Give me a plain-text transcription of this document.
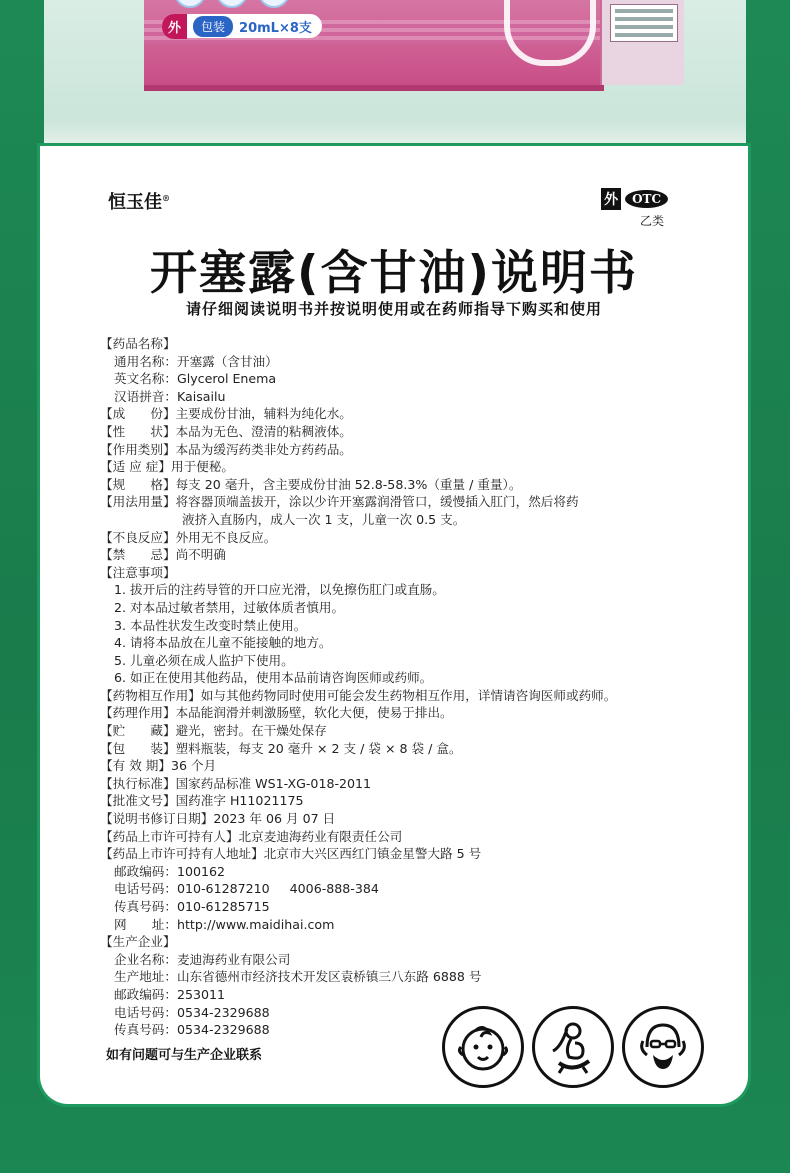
外	包装	20mL×8支
恒玉佳®	外	OTC
乙类
开塞露(含甘油)说明书
请仔细阅读说明书并按说明使用或在药师指导下购买和使用
【药品名称】
通用名称：开塞露（含甘油）
英文名称：Glycerol Enema
汉语拼音：Kaisailu
【成　　份】主要成份甘油，辅料为纯化水。
【性　　状】本品为无色、澄清的粘稠液体。
【作用类别】本品为缓泻药类非处方药药品。
【适 应 症】用于便秘。
【规　　格】每支 20 毫升，含主要成份甘油 52.8-58.3%（重量 / 重量）。
【用法用量】将容器顶端盖拔开，涂以少许开塞露润滑管口，缓慢插入肛门，然后将药
液挤入直肠内，成人一次 1 支，儿童一次 0.5 支。
【不良反应】外用无不良反应。
【禁　　忌】尚不明确
【注意事项】
1. 拔开后的注药导管的开口应光滑，以免擦伤肛门或直肠。
2. 对本品过敏者禁用，过敏体质者慎用。
3. 本品性状发生改变时禁止使用。
4. 请将本品放在儿童不能接触的地方。
5. 儿童必须在成人监护下使用。
6. 如正在使用其他药品，使用本品前请咨询医师或药师。
【药物相互作用】如与其他药物同时使用可能会发生药物相互作用，详情请咨询医师或药师。
【药理作用】本品能润滑并刺激肠壁，软化大便，使易于排出。
【贮　　藏】避光，密封。在干燥处保存
【包　　装】塑料瓶装，每支 20 毫升 × 2 支 / 袋 × 8 袋 / 盒。
【有 效 期】36 个月
【执行标准】国家药品标准 WS1-XG-018-2011
【批准文号】国药准字 H11021175
【说明书修订日期】2023 年 06 月 07 日
【药品上市许可持有人】北京麦迪海药业有限责任公司
【药品上市许可持有人地址】北京市大兴区西红门镇金星警大路 5 号
邮政编码：100162
电话号码：010-61287210 4006-888-384
传真号码：010-61285715
网　　址：http://www.maidihai.com
【生产企业】
企业名称：麦迪海药业有限公司
生产地址：山东省德州市经济技术开发区袁桥镇三八东路 6888 号
邮政编码：253011
电话号码：0534-2329688
传真号码：0534-2329688
如有问题可与生产企业联系
